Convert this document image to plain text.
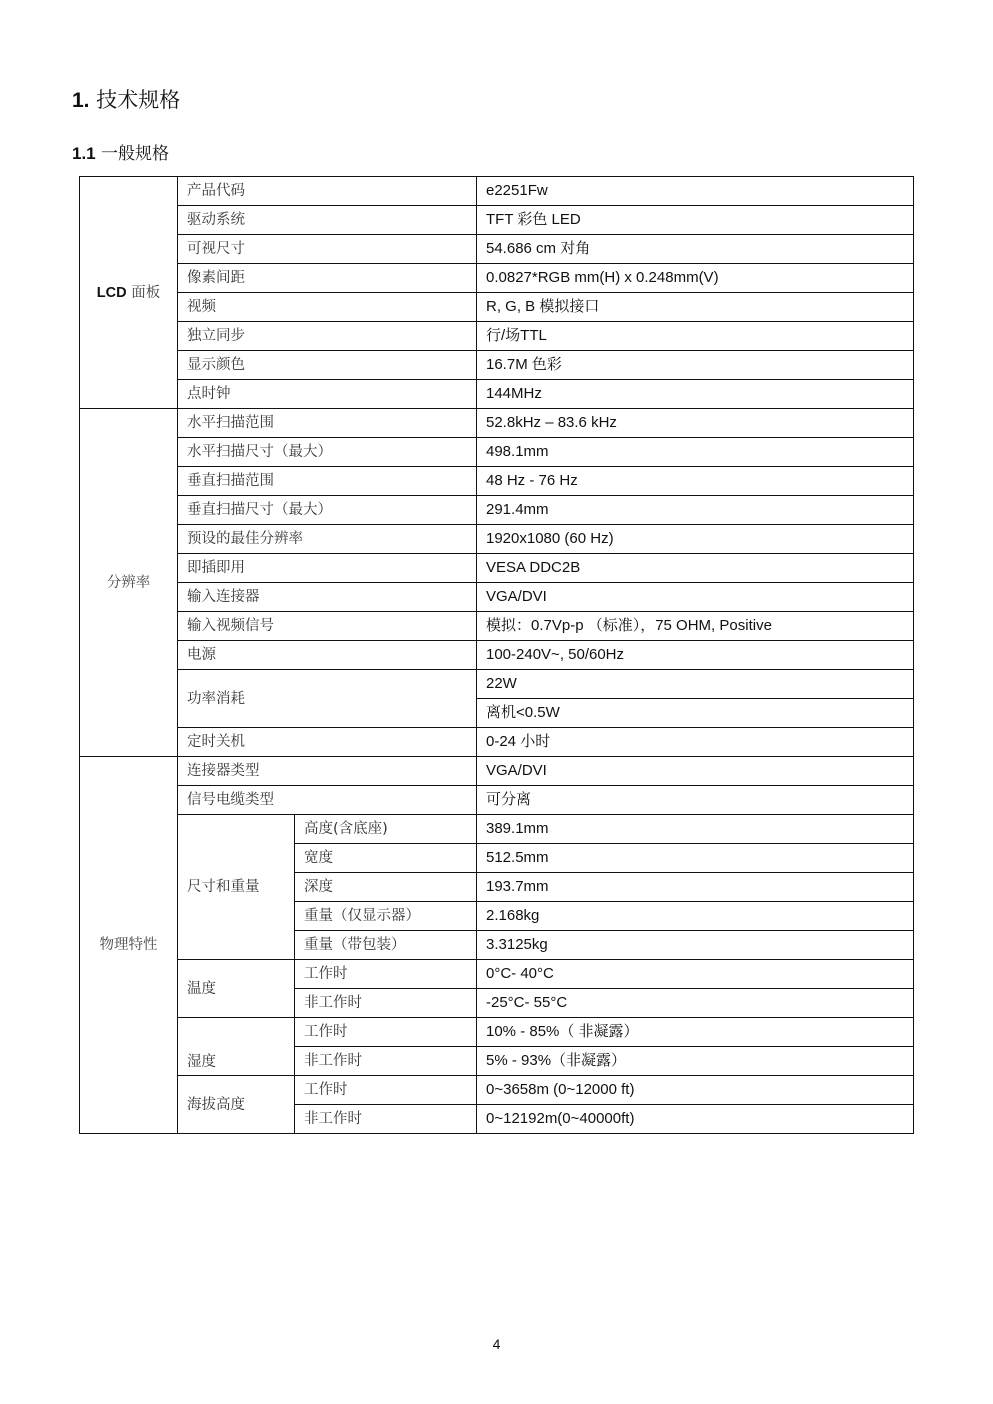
1. 技术规格
1.1 一般规格
LCD 面板	产品代码		e2251Fw
	驱动系统		TFT 彩色 LED
	可视尺寸		54.686 cm 对角
	像素间距		0.0827*RGB mm(H) x 0.248mm(V)
	视频		R, G, B 模拟接口
	独立同步		行/场TTL
	显示颜色		16.7M 色彩
	点时钟		144MHz
分辨率	水平扫描范围		52.8kHz – 83.6 kHz
	水平扫描尺寸（最大）		498.1mm
	垂直扫描范围		48 Hz - 76 Hz
	垂直扫描尺寸（最大）		291.4mm
	预设的最佳分辨率		1920x1080 (60 Hz)
	即插即用		VESA DDC2B
	输入连接器		VGA/DVI
	输入视频信号		模拟：0.7Vp-p （标准），75 OHM, Positive
	电源		100-240V~, 50/60Hz
	功率消耗		22W
			离机<0.5W
	定时关机		0-24 小时
物理特性	连接器类型		VGA/DVI
	信号电缆类型		可分离
	尺寸和重量	高度(含底座)	389.1mm
		宽度	512.5mm
		深度	193.7mm
		重量（仅显示器）	2.168kg
		重量（带包装）	3.3125kg
	温度	工作时	0°C- 40°C
		非工作时	-25°C- 55°C
	湿度	工作时	10% - 85%（ 非凝露）
		非工作时	5% - 93%（非凝露）
	海拔高度	工作时	0~3658m (0~12000 ft)
		非工作时	0~12192m(0~40000ft)
4
